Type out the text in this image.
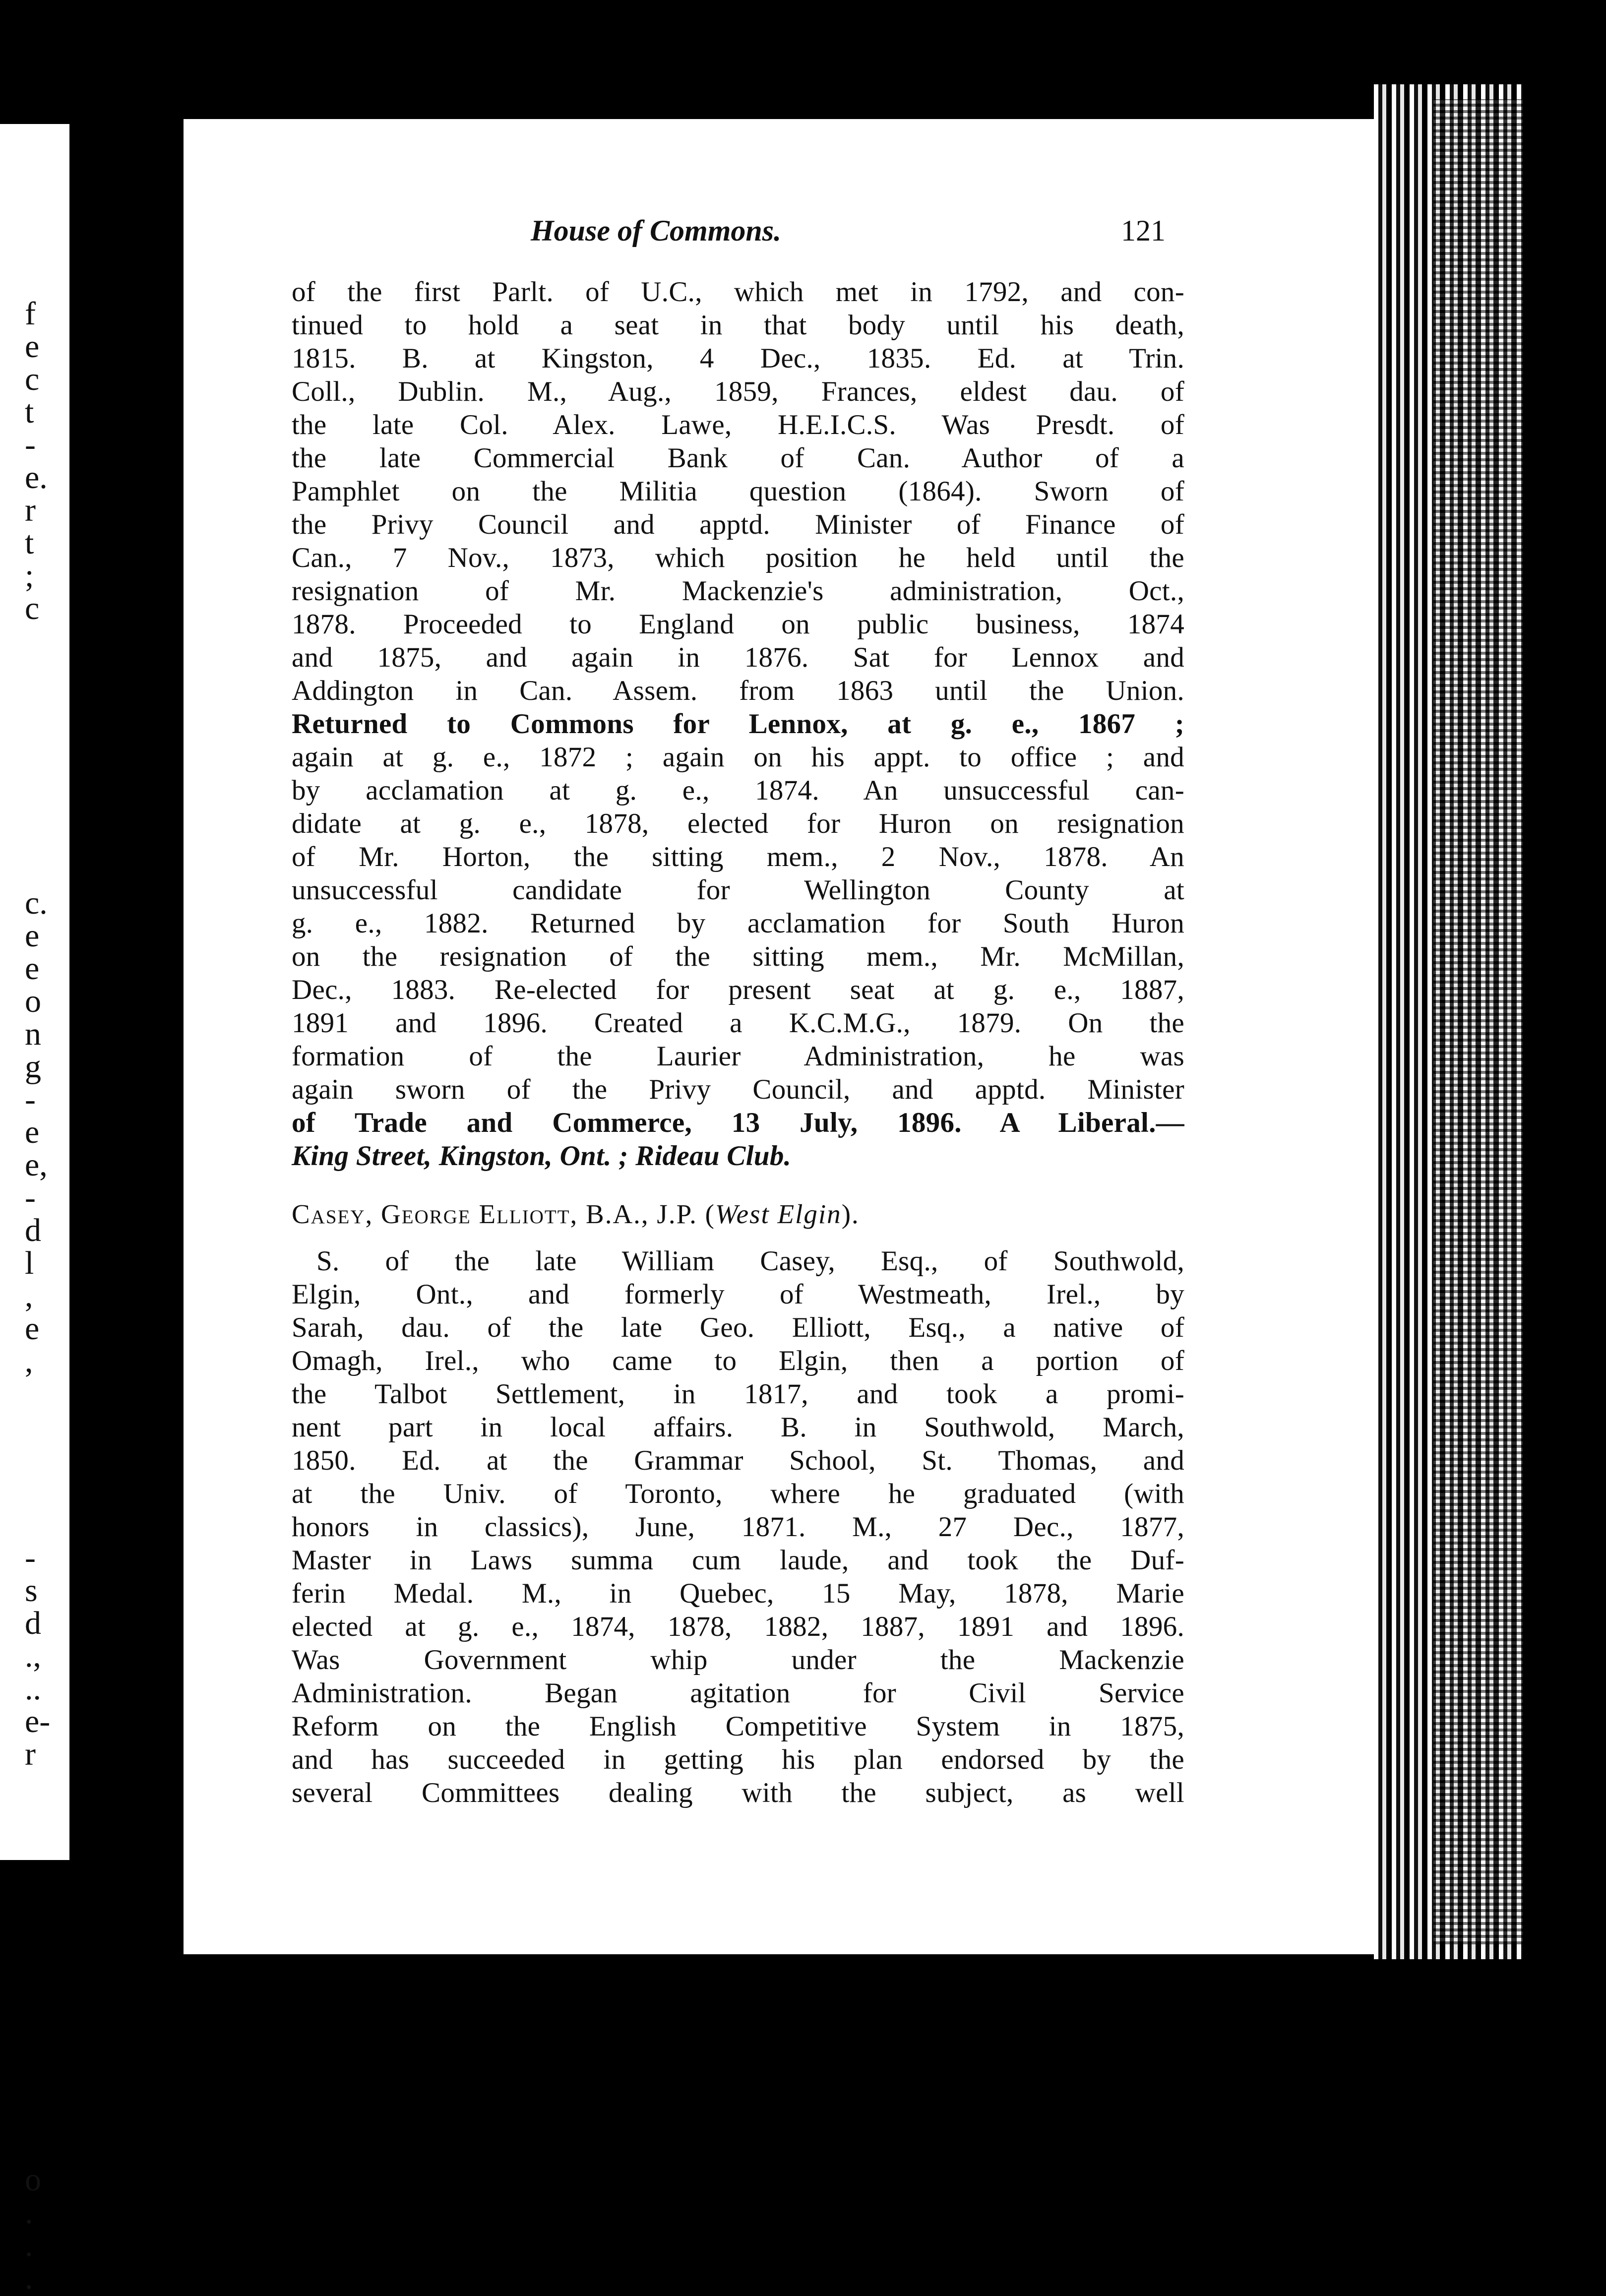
f
e
c
t
-
e.
r
t
;
c
c.
e
e
o
n
g
-
e
e,
-
d
l
,
e
,
-
s
d
.,
..
e-
r
o
.
.
.
House of Commons.	121
of the first Parlt. of U.C., which met in 1792, and con-
tinued to hold a seat in that body until his death,
1815. B. at Kingston, 4 Dec., 1835. Ed. at Trin.
Coll., Dublin. M., Aug., 1859, Frances, eldest dau. of
the late Col. Alex. Lawe, H.E.I.C.S. Was Presdt. of
the late Commercial Bank of Can. Author of a
Pamphlet on the Militia question (1864). Sworn of
the Privy Council and apptd. Minister of Finance of
Can., 7 Nov., 1873, which position he held until the
resignation of Mr. Mackenzie's administration, Oct.,
1878. Proceeded to England on public business, 1874
and 1875, and again in 1876. Sat for Lennox and
Addington in Can. Assem. from 1863 until the Union.
Returned to Commons for Lennox, at g. e., 1867 ;
again at g. e., 1872 ; again on his appt. to office ; and
by acclamation at g. e., 1874. An unsuccessful can-
didate at g. e., 1878, elected for Huron on resignation
of Mr. Horton, the sitting mem., 2 Nov., 1878. An
unsuccessful candidate for Wellington County at
g. e., 1882. Returned by acclamation for South Huron
on the resignation of the sitting mem., Mr. McMillan,
Dec., 1883. Re-elected for present seat at g. e., 1887,
1891 and 1896. Created a K.C.M.G., 1879. On the
formation of the Laurier Administration, he was
again sworn of the Privy Council, and apptd. Minister
of Trade and Commerce, 13 July, 1896. A Liberal.—
King Street, Kingston, Ont. ; Rideau Club.
Casey, George Elliott, B.A., J.P. (West Elgin).
S. of the late William Casey, Esq., of Southwold,
Elgin, Ont., and formerly of Westmeath, Irel., by
Sarah, dau. of the late Geo. Elliott, Esq., a native of
Omagh, Irel., who came to Elgin, then a portion of
the Talbot Settlement, in 1817, and took a promi-
nent part in local affairs. B. in Southwold, March,
1850. Ed. at the Grammar School, St. Thomas, and
at the Univ. of Toronto, where he graduated (with
honors in classics), June, 1871. M., 27 Dec., 1877,
Master in Laws summa cum laude, and took the Duf-
ferin Medal. M., in Quebec, 15 May, 1878, Marie
elected at g. e., 1874, 1878, 1882, 1887, 1891 and 1896.
Was Government whip under the Mackenzie
Administration. Began agitation for Civil Service
Reform on the English Competitive System in 1875,
and has succeeded in getting his plan endorsed by the
several Committees dealing with the subject, as well
